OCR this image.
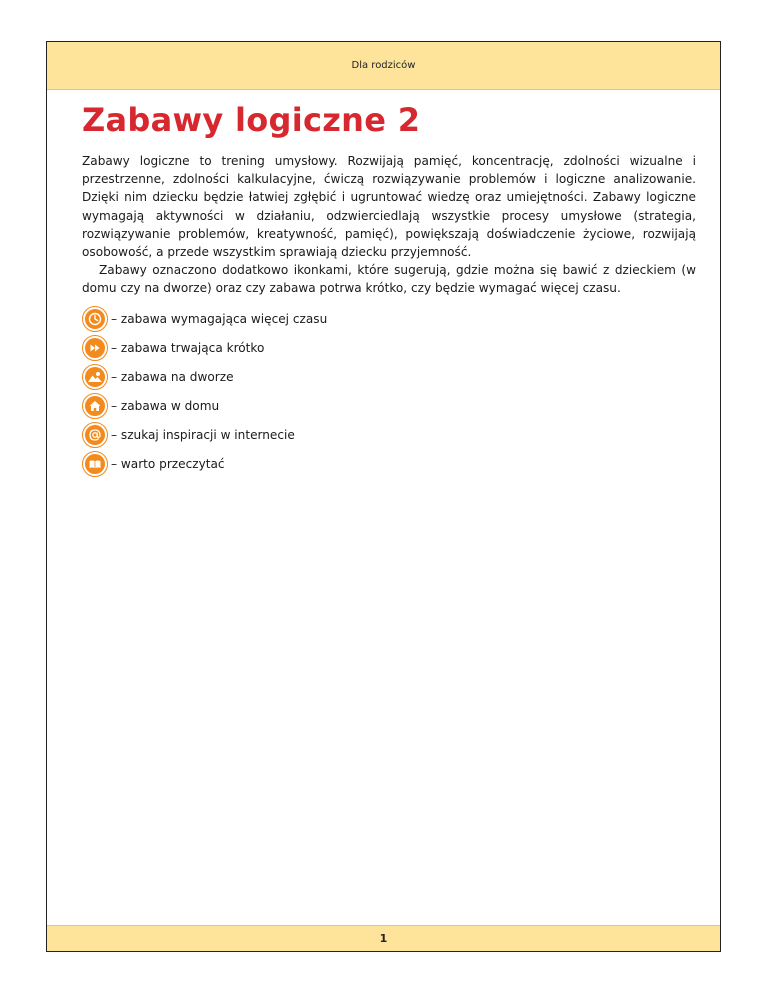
Dla rodziców
Zabawy logiczne 2

Zabawy logiczne to trening umysłowy. Rozwijają pamięć, koncentrację, zdolności wizualne i przestrzenne, zdolności kalkulacyjne, ćwiczą rozwiązywanie problemów i logiczne analizowanie. Dzięki nim dziecku będzie łatwiej zgłębić i ugruntować wiedzę oraz umiejętności. Zabawy logiczne wymagają aktywności w działaniu, odzwierciedlają wszystkie procesy umysłowe (strategia, rozwiązywanie problemów, kreatywność, pamięć), powiększają doświadczenie życiowe, rozwijają osobowość, a przede wszystkim sprawiają dziecku przyjemność.

Zabawy oznaczono dodatkowo ikonkami, które sugerują, gdzie można się bawić z dzieckiem (w domu czy na dworze) oraz czy zabawa potrwa krótko, czy będzie wymagać więcej czasu.

– zabawa wymagająca więcej czasu
– zabawa trwająca krótko
– zabawa na dworze
– zabawa w domu
– szukaj inspiracji w internecie
– warto przeczytać
1
